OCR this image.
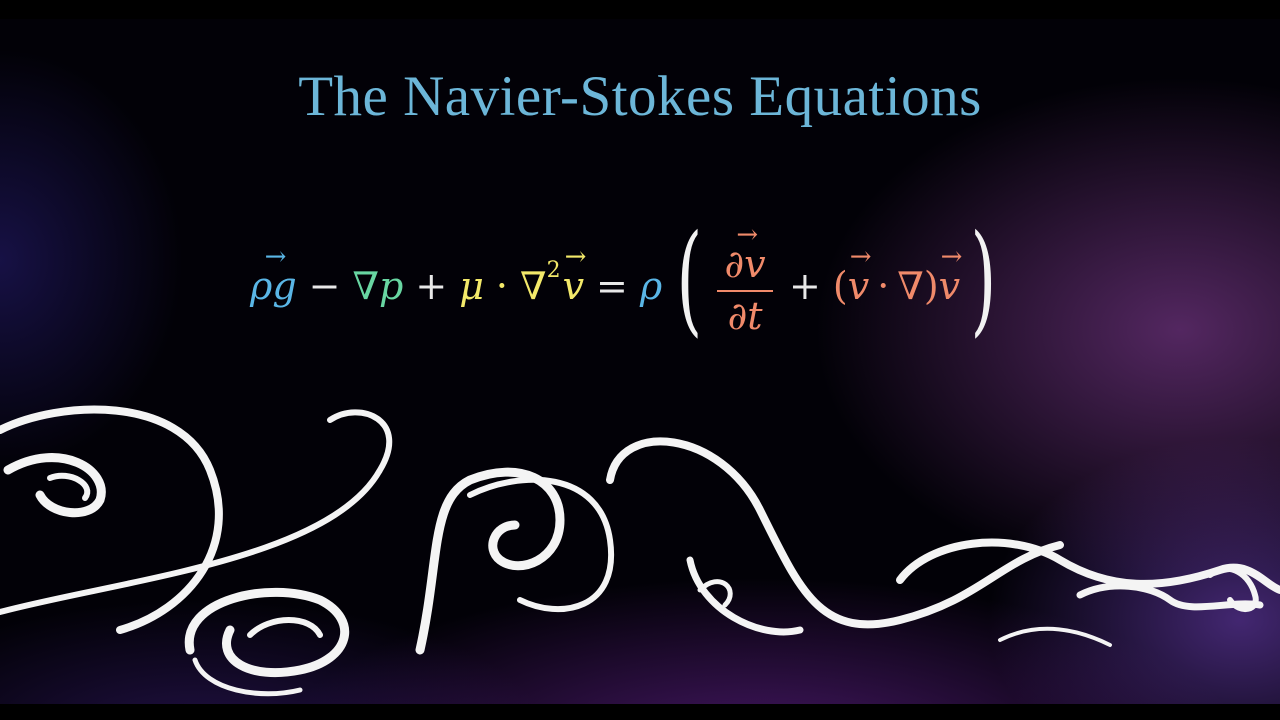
The Navier-Stokes Equations
ρg → − ∇p + μ · ∇ 2 v → = ρ ( $\frac{\partial v \to}{\partial t}$ + ( v → · ∇ ) v → )
